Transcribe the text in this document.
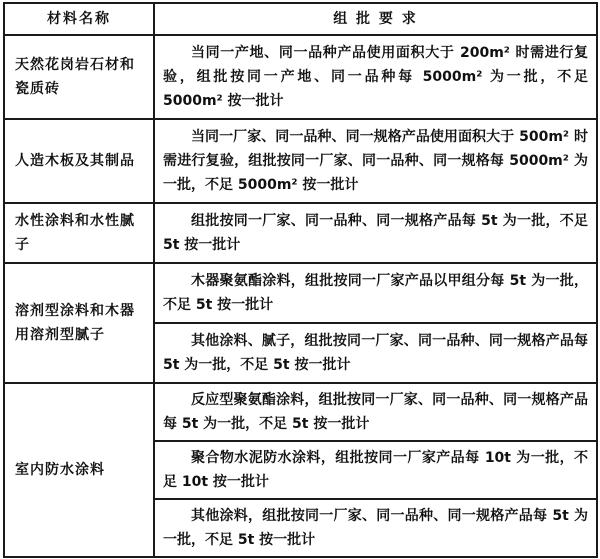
材料名称	组 批 要 求
天然花岗岩石材和瓷质砖	当同一产地、同一品种产品使用面积大于 200m² 时需进行复验，组批按同一产地、同一品种每 5000m² 为一批，不足 5000m² 按一批计
人造木板及其制品	当同一厂家、同一品种、同一规格产品使用面积大于 500m² 时需进行复验，组批按同一厂家、同一品种、同一规格每 5000m² 为一批，不足 5000m² 按一批计
水性涂料和水性腻子	组批按同一厂家、同一品种、同一规格产品每 5t 为一批，不足 5t 按一批计
溶剂型涂料和木器用溶剂型腻子	木器聚氨酯涂料，组批按同一厂家产品以甲组分每 5t 为一批，不足 5t 按一批计
	其他涂料、腻子，组批按同一厂家、同一品种、同一规格产品每 5t 为一批，不足 5t 按一批计
室内防水涂料	反应型聚氨酯涂料，组批按同一厂家、同一品种、同一规格产品每 5t 为一批，不足 5t 按一批计
	聚合物水泥防水涂料，组批按同一厂家产品每 10t 为一批，不足 10t 按一批计
	其他涂料，组批按同一厂家、同一品种、同一规格产品每 5t 为一批，不足 5t 按一批计
